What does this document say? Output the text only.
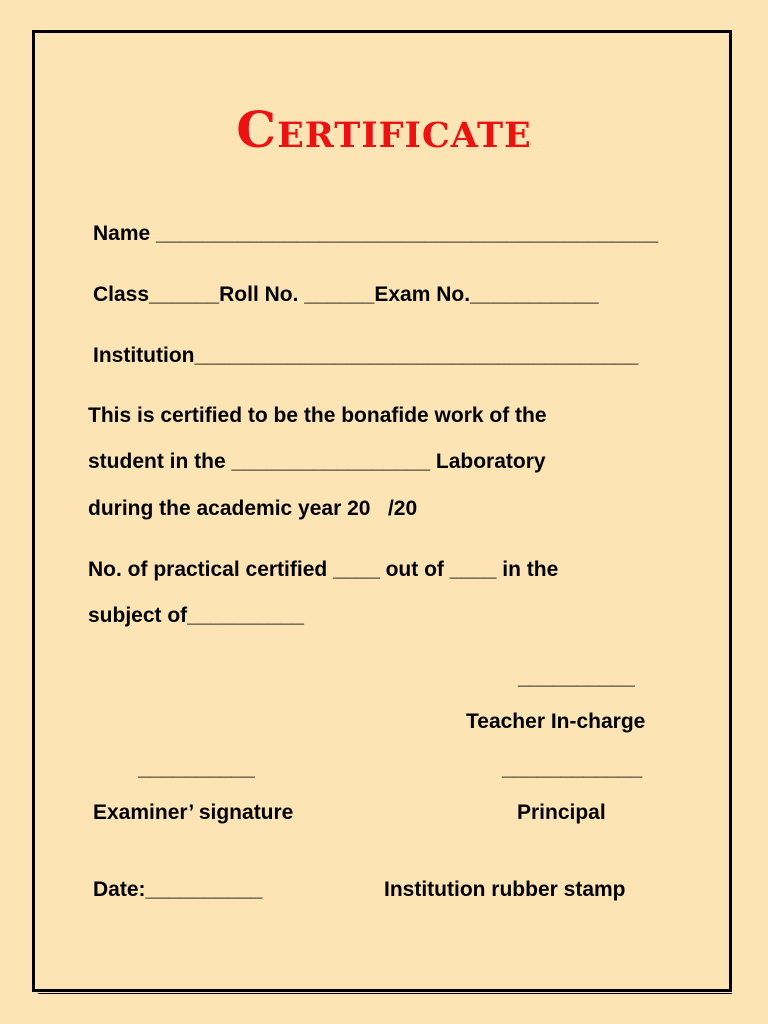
Certificate
Name ___________________________________________
Class______Roll No. ______Exam No.___________
Institution______________________________________
This is certified to be the bonafide work of the
student in the _________________ Laboratory
during the academic year 20   /20
No. of practical certified ____ out of ____ in the
subject of__________
__________
Teacher In-charge
__________	____________
Examiner’ signature	Principal
Date:__________	Institution rubber stamp
